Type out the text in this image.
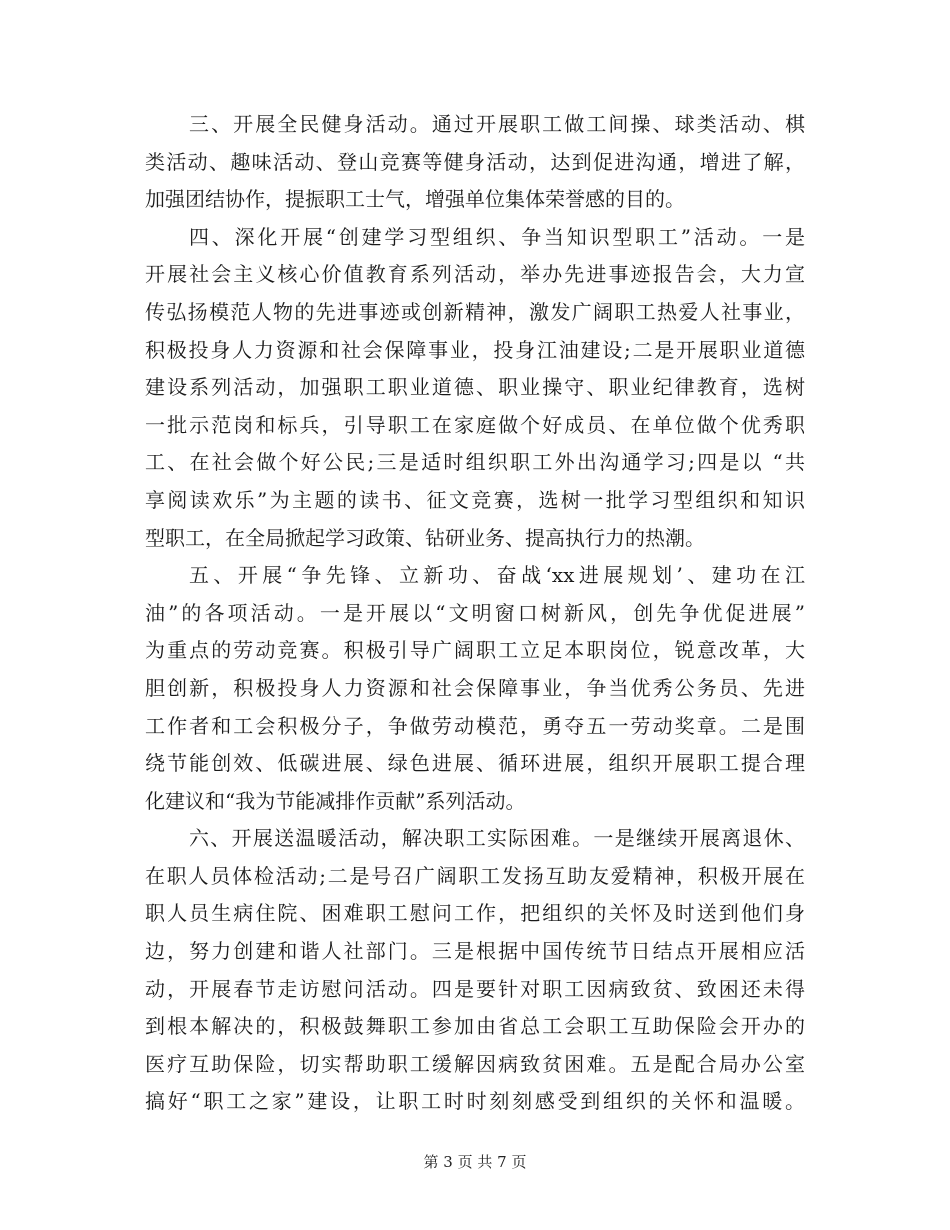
三、开展全民健身活动。通过开展职工做工间操、球类活动、棋
类活动、趣味活动、登山竞赛等健身活动，达到促进沟通，增进了解，
加强团结协作，提振职工士气，增强单位集体荣誉感的目的。
四、深化开展“创建学习型组织、争当知识型职工”活动。一是
开展社会主义核心价值教育系列活动，举办先进事迹报告会，大力宣
传弘扬模范人物的先进事迹或创新精神，激发广阔职工热爱人社事业，
积极投身人力资源和社会保障事业，投身江油建设;二是开展职业道德
建设系列活动，加强职工职业道德、职业操守、职业纪律教育，选树
一批示范岗和标兵，引导职工在家庭做个好成员、在单位做个优秀职
工、在社会做个好公民;三是适时组织职工外出沟通学习;四是以 “共
享阅读欢乐”为主题的读书、征文竞赛，选树一批学习型组织和知识
型职工，在全局掀起学习政策、钻研业务、提高执行力的热潮。
五、开展“争先锋、立新功、奋战‘xx进展规划’、建功在江
油”的各项活动。一是开展以“文明窗口树新风，创先争优促进展”
为重点的劳动竞赛。积极引导广阔职工立足本职岗位，锐意改革，大
胆创新，积极投身人力资源和社会保障事业，争当优秀公务员、先进
工作者和工会积极分子，争做劳动模范，勇夺五一劳动奖章。二是围
绕节能创效、低碳进展、绿色进展、循环进展，组织开展职工提合理
化建议和“我为节能减排作贡献”系列活动。
六、开展送温暖活动，解决职工实际困难。一是继续开展离退休、
在职人员体检活动;二是号召广阔职工发扬互助友爱精神，积极开展在
职人员生病住院、困难职工慰问工作，把组织的关怀及时送到他们身
边，努力创建和谐人社部门。三是根据中国传统节日结点开展相应活
动，开展春节走访慰问活动。四是要针对职工因病致贫、致困还未得
到根本解决的，积极鼓舞职工参加由省总工会职工互助保险会开办的
医疗互助保险，切实帮助职工缓解因病致贫困难。五是配合局办公室
搞好“职工之家”建设，让职工时时刻刻感受到组织的关怀和温暖。
第 3 页 共 7 页
